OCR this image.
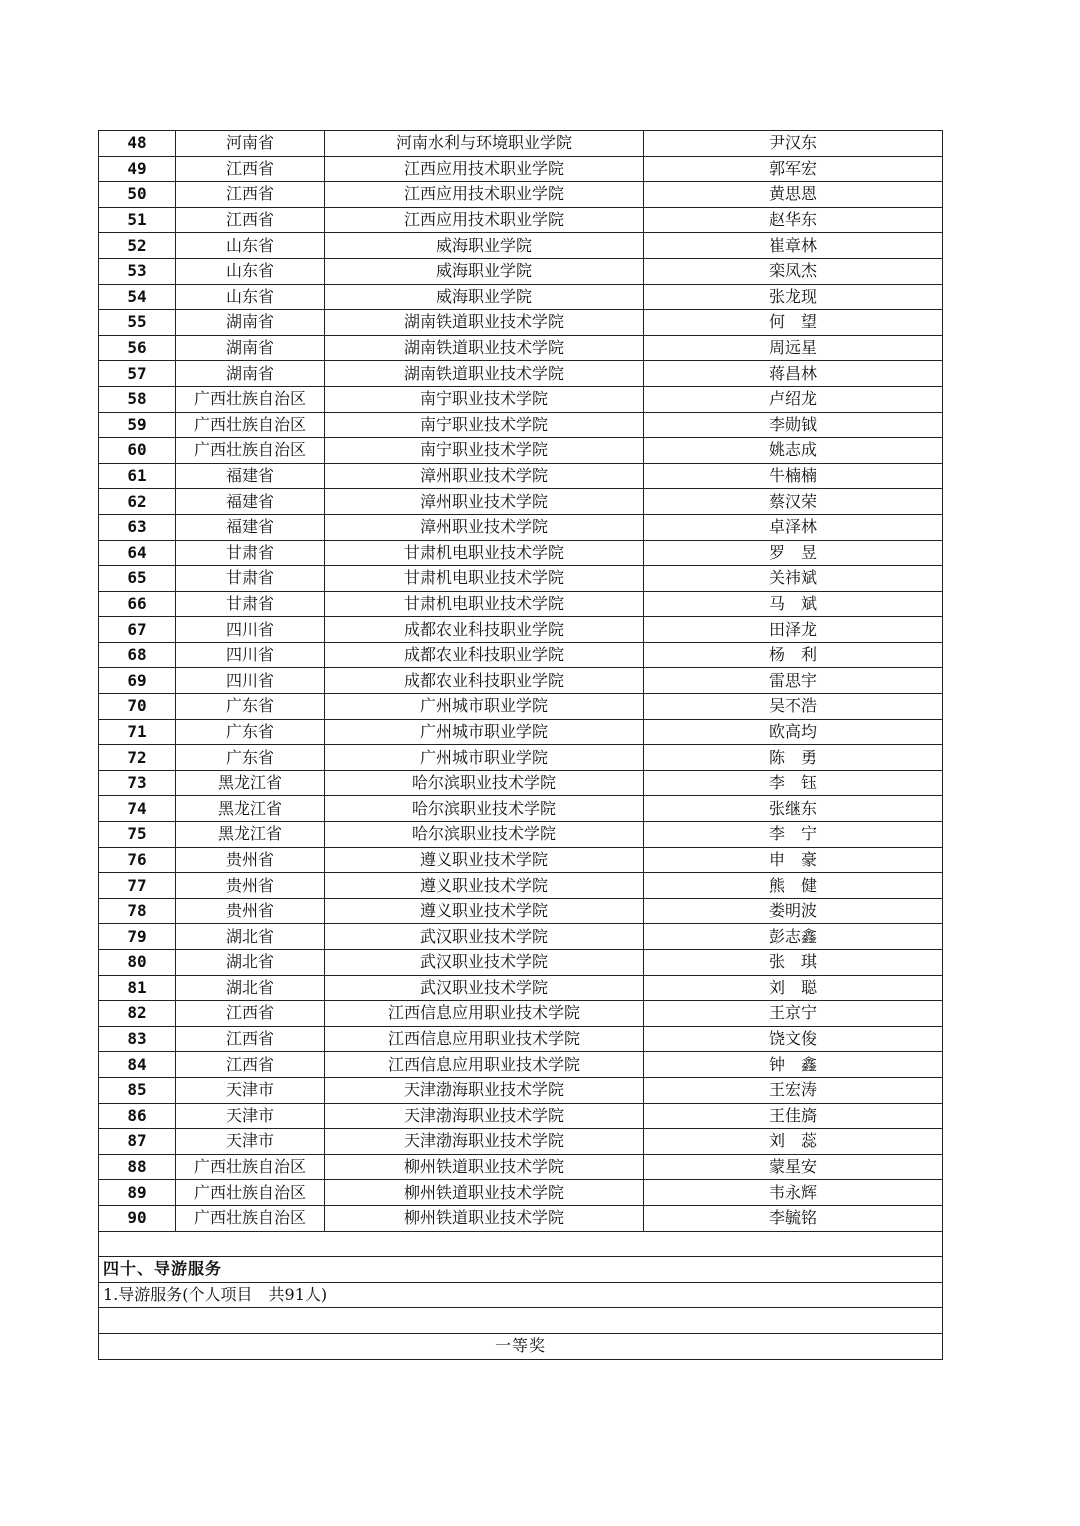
48	河南省	河南水利与环境职业学院	尹汉东
49	江西省	江西应用技术职业学院	郭军宏
50	江西省	江西应用技术职业学院	黄思恩
51	江西省	江西应用技术职业学院	赵华东
52	山东省	威海职业学院	崔章林
53	山东省	威海职业学院	栾凤杰
54	山东省	威海职业学院	张龙现
55	湖南省	湖南铁道职业技术学院	何　望
56	湖南省	湖南铁道职业技术学院	周远星
57	湖南省	湖南铁道职业技术学院	蒋昌林
58	广西壮族自治区	南宁职业技术学院	卢绍龙
59	广西壮族自治区	南宁职业技术学院	李勋钺
60	广西壮族自治区	南宁职业技术学院	姚志成
61	福建省	漳州职业技术学院	牛楠楠
62	福建省	漳州职业技术学院	蔡汉荣
63	福建省	漳州职业技术学院	卓泽林
64	甘肃省	甘肃机电职业技术学院	罗　昱
65	甘肃省	甘肃机电职业技术学院	关祎斌
66	甘肃省	甘肃机电职业技术学院	马　斌
67	四川省	成都农业科技职业学院	田泽龙
68	四川省	成都农业科技职业学院	杨　利
69	四川省	成都农业科技职业学院	雷思宇
70	广东省	广州城市职业学院	吴不浩
71	广东省	广州城市职业学院	欧高均
72	广东省	广州城市职业学院	陈　勇
73	黑龙江省	哈尔滨职业技术学院	李　钰
74	黑龙江省	哈尔滨职业技术学院	张继东
75	黑龙江省	哈尔滨职业技术学院	李　宁
76	贵州省	遵义职业技术学院	申　豪
77	贵州省	遵义职业技术学院	熊　健
78	贵州省	遵义职业技术学院	娄明波
79	湖北省	武汉职业技术学院	彭志鑫
80	湖北省	武汉职业技术学院	张　琪
81	湖北省	武汉职业技术学院	刘　聪
82	江西省	江西信息应用职业技术学院	王京宁
83	江西省	江西信息应用职业技术学院	饶文俊
84	江西省	江西信息应用职业技术学院	钟　鑫
85	天津市	天津渤海职业技术学院	王宏涛
86	天津市	天津渤海职业技术学院	王佳旖
87	天津市	天津渤海职业技术学院	刘　蕊
88	广西壮族自治区	柳州铁道职业技术学院	蒙星安
89	广西壮族自治区	柳州铁道职业技术学院	韦永辉
90	广西壮族自治区	柳州铁道职业技术学院	李毓铭

四十、导游服务			
1.导游服务(个人项目　共91人)			

一等奖			
